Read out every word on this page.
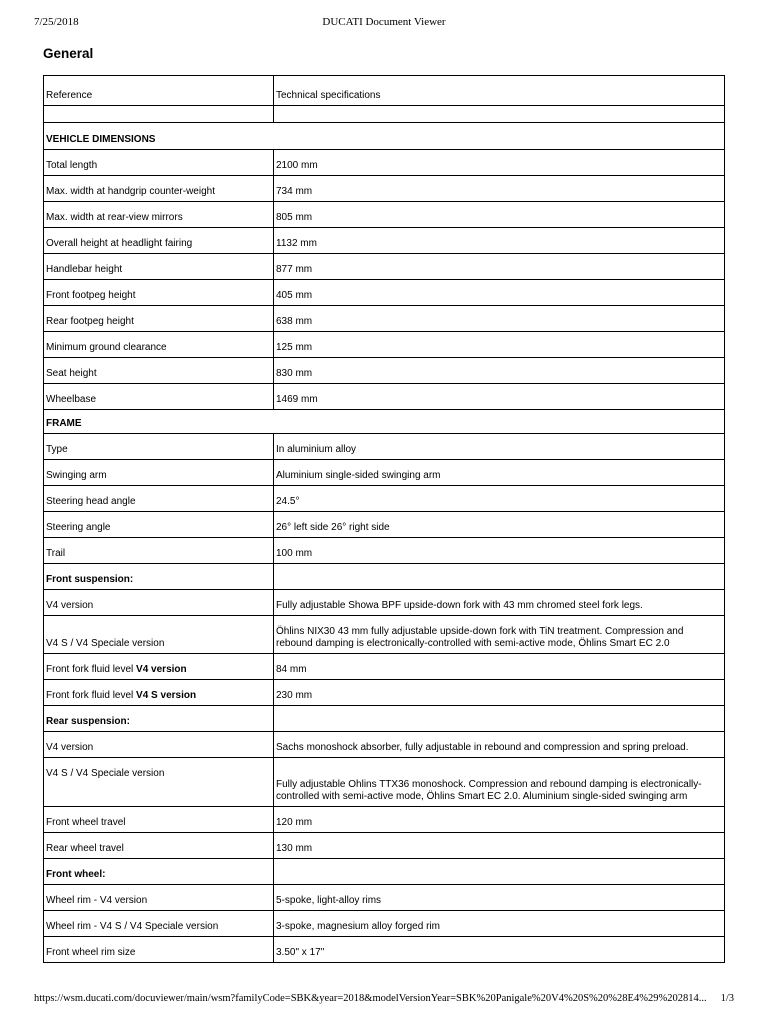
7/25/2018	DUCATI Document Viewer
General
Reference	Technical specifications

VEHICLE DIMENSIONS	
Total length	2100 mm
Max. width at handgrip counter-weight	734 mm
Max. width at rear-view mirrors	805 mm
Overall height at headlight fairing	1132 mm
Handlebar height	877 mm
Front footpeg height	405 mm
Rear footpeg height	638 mm
Minimum ground clearance	125 mm
Seat height	830 mm
Wheelbase	1469 mm
FRAME	
Type	In aluminium alloy
Swinging arm	Aluminium single-sided swinging arm
Steering head angle	24.5°
Steering angle	26° left side 26° right side
Trail	100 mm
Front suspension:	
V4 version	Fully adjustable Showa BPF upside-down fork with 43 mm chromed steel fork legs.
V4 S / V4 Speciale version	Öhlins NIX30 43 mm fully adjustable upside-down fork with TiN treatment. Compression and rebound damping is electronically-controlled with semi-active mode, Öhlins Smart EC 2.0
Front fork fluid level V4 version	84 mm
Front fork fluid level V4 S version	230 mm
Rear suspension:	
V4 version	Sachs monoshock absorber, fully adjustable in rebound and compression and spring preload.
V4 S / V4 Speciale version	Fully adjustable Ohlins TTX36 monoshock. Compression and rebound damping is electronically-controlled with semi-active mode, Öhlins Smart EC 2.0. Aluminium single-sided swinging arm
Front wheel travel	120 mm
Rear wheel travel	130 mm
Front wheel:	
Wheel rim - V4 version	5-spoke, light-alloy rims
Wheel rim - V4 S / V4 Speciale version	3-spoke, magnesium alloy forged rim
Front wheel rim size	3.50" x 17"
https://wsm.ducati.com/docuviewer/main/wsm?familyCode=SBK&year=2018&modelVersionYear=SBK%20Panigale%20V4%20S%20%28E4%29%202814...	1/3
